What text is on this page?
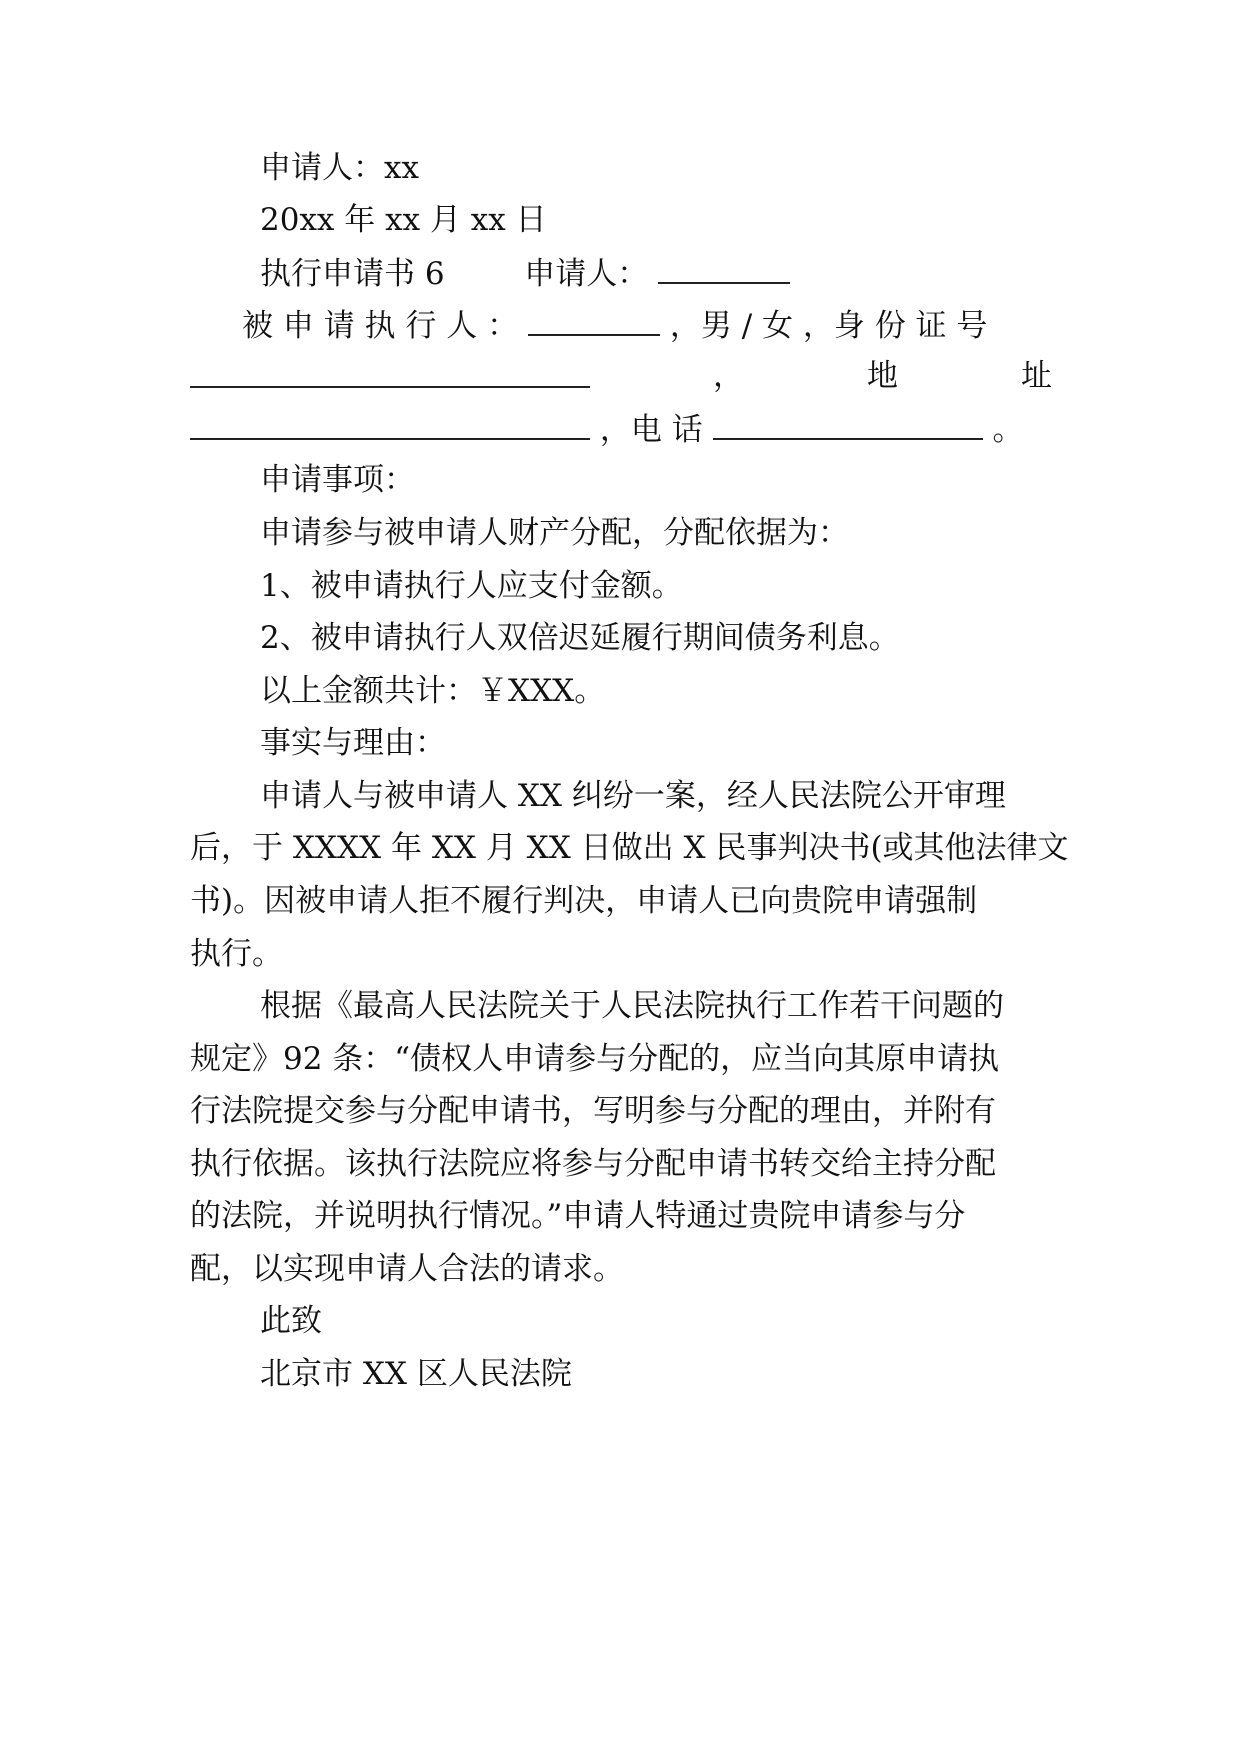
申请人：xx
20xx 年 xx 月 xx 日
执行申请书 6	申请人：
被 申 请 执 行 人 ：	，男 / 女 ，身 份 证 号
，	地	址
，电 话	。
申请事项：
申请参与被申请人财产分配，分配依据为：
1、被申请执行人应支付金额。
2、被申请执行人双倍迟延履行期间债务利息。
以上金额共计：￥XXX。
事实与理由：
申请人与被申请人 XX 纠纷一案，经人民法院公开审理
后，于 XXXX 年 XX 月 XX 日做出 X 民事判决书(或其他法律文
书)。因被申请人拒不履行判决，申请人已向贵院申请强制
执行。
根据《最高人民法院关于人民法院执行工作若干问题的
规定》92 条：“债权人申请参与分配的，应当向其原申请执
行法院提交参与分配申请书，写明参与分配的理由，并附有
执行依据。该执行法院应将参与分配申请书转交给主持分配
的法院，并说明执行情况。”申请人特通过贵院申请参与分
配，以实现申请人合法的请求。
此致
北京市 XX 区人民法院
